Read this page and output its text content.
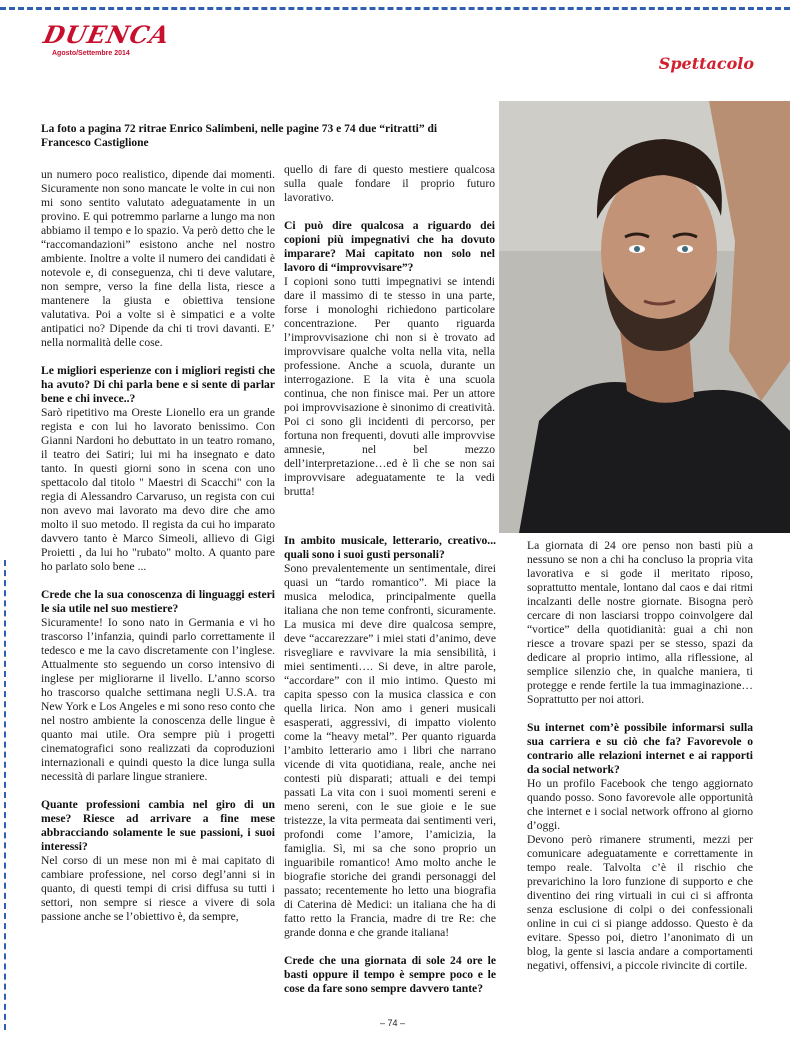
DUENCA
Agosto/Settembre 2014
Spettacolo
La foto a pagina 72 ritrae Enrico Salimbeni, nelle pagine 73 e 74 due “ritratti” di Francesco Castiglione

un numero poco realistico, dipende dai momenti. Sicuramente non sono mancate le volte in cui non mi sono sentito valutato adeguatamente in un provino. E qui potremmo parlarne a lungo ma non abbiamo il tempo e lo spazio. Va però detto che le “raccomandazioni” esistono anche nel nostro ambiente. Inoltre a volte il numero dei candidati è notevole e, di conseguenza, chi ti deve valutare, non sempre, verso la fine della lista, riesce a mantenere la giusta e obiettiva tensione valutativa. Poi a volte si è simpatici e a volte antipatici no? Dipende da chi ti trovi davanti. E’ nella normalità delle cose.

Le migliori esperienze con i migliori registi che ha avuto? Di chi parla bene e si sente di parlar bene e chi invece..?

Sarò ripetitivo ma Oreste Lionello era un grande regista e con lui ho lavorato benissimo. Con Gianni Nardoni ho debuttato in un teatro romano, il teatro dei Satiri; lui mi ha insegnato e dato tanto. In questi giorni sono in scena con uno spettacolo dal titolo " Maestri di Scacchi" con la regia di Alessandro Carvaruso, un regista con cui non avevo mai lavorato ma devo dire che amo molto il suo metodo. Il regista da cui ho imparato davvero tanto è Marco Simeoli, allievo di Gigi Proietti , da lui ho "rubato" molto. A quanto pare ho parlato solo bene ...

Crede che la sua conoscenza di linguaggi esteri le sia utile nel suo mestiere?

Sicuramente! Io sono nato in Germania e vi ho trascorso l’infanzia, quindi parlo correttamente il tedesco e me la cavo discretamente con l’inglese. Attualmente sto seguendo un corso intensivo di inglese per migliorarne il livello. L’anno scorso ho trascorso qualche settimana negli U.S.A. tra New York e Los Angeles e mi sono reso conto che nel nostro ambiente la conoscenza delle lingue è quanto mai utile. Ora sempre più i progetti cinematografici sono realizzati da coproduzioni internazionali e quindi questo la dice lunga sulla necessità di parlare lingue straniere.

Quante professioni cambia nel giro di un mese? Riesce ad arrivare a fine mese abbracciando solamente le sue passioni, i suoi interessi?

Nel corso di un mese non mi è mai capitato di cambiare professione, nel corso degl’anni si in quanto, di questi tempi di crisi diffusa su tutti i settori, non sempre si riesce a vivere di sola passione anche se l’obiettivo è, da sempre,

quello di fare di questo mestiere qualcosa sulla quale fondare il proprio futuro lavorativo.

Ci può dire qualcosa a riguardo dei copioni più impegnativi che ha dovuto imparare? Mai capitato non solo nel lavoro di “improvvisare”?

I copioni sono tutti impegnativi se intendi dare il massimo di te stesso in una parte, forse i monologhi richiedono particolare concentrazione. Per quanto riguarda l’improvvisazione chi non si è trovato ad improvvisare qualche volta nella vita, nella professione. Anche a scuola, durante un interrogazione. E la vita è una scuola continua, che non finisce mai. Per un attore poi improvvisazione è sinonimo di creatività. Poi ci sono gli incidenti di percorso, per fortuna non frequenti, dovuti alle improvvise amnesie, nel bel mezzo dell’interpretazione…ed è lì che se non sai improvvisare adeguatamente te la vedi brutta!

In ambito musicale, letterario, creativo... quali sono i suoi gusti personali?

Sono prevalentemente un sentimentale, direi quasi un “tardo romantico”. Mi piace la musica melodica, principalmente quella italiana che non teme confronti, sicuramente. La musica mi deve dire qualcosa sempre, deve “accarezzare” i miei stati d’animo, deve risvegliare e ravvivare la mia sensibilità, i miei sentimenti…. Si deve, in altre parole, “accordare” con il mio intimo. Questo mi capita spesso con la musica classica e con quella lirica. Non amo i generi musicali esasperati, aggressivi, di impatto violento come la “heavy metal”. Per quanto riguarda l’ambito letterario amo i libri che narrano vicende di vita quotidiana, reale, anche nei contesti più disparati; attuali e dei tempi passati La vita con i suoi momenti sereni e meno sereni, con le sue gioie e le sue tristezze, la vita permeata dai sentimenti veri, profondi come l’amore, l’amicizia, la famiglia. Sì, mi sa che sono proprio un inguaribile romantico! Amo molto anche le biografie storiche dei grandi personaggi del passato; recentemente ho letto una biografia di Caterina dè Medici: un italiana che ha di fatto retto la Francia, madre di tre Re: che grande donna e che grande italiana!

Crede che una giornata di sole 24 ore le basti oppure il tempo è sempre poco e le cose da fare sono sempre davvero tante?

La giornata di 24 ore penso non basti più a nessuno se non a chi ha concluso la propria vita lavorativa e si gode il meritato riposo, soprattutto mentale, lontano dal caos e dai ritmi incalzanti delle nostre giornate. Bisogna però cercare di non lasciarsi troppo coinvolgere dal “vortice” della quotidianità: guai a chi non riesce a trovare spazi per se stesso, spazi da dedicare al proprio intimo, alla riflessione, al semplice silenzio che, in qualche maniera, ti protegge e rende fertile la tua immaginazione… Soprattutto per noi attori.

Su internet com’è possibile informarsi sulla sua carriera e su ciò che fa? Favorevole o contrario alle relazioni internet e ai rapporti da social network?

Ho un profilo Facebook che tengo aggiornato quando posso. Sono favorevole alle opportunità che internet e i social network offrono al giorno d’oggi.

Devono però rimanere strumenti, mezzi per comunicare adeguatamente e correttamente in tempo reale. Talvolta c’è il rischio che prevarichino la loro funzione di supporto e che diventino dei ring virtuali in cui ci si affronta senza esclusione di colpi o dei confessionali online in cui ci si piange addosso. Questo è da evitare. Spesso poi, dietro l’anonimato di un blog, la gente si lascia andare a comportamenti negativi, offensivi, a piccole rivincite di cortile.

– 74 –
